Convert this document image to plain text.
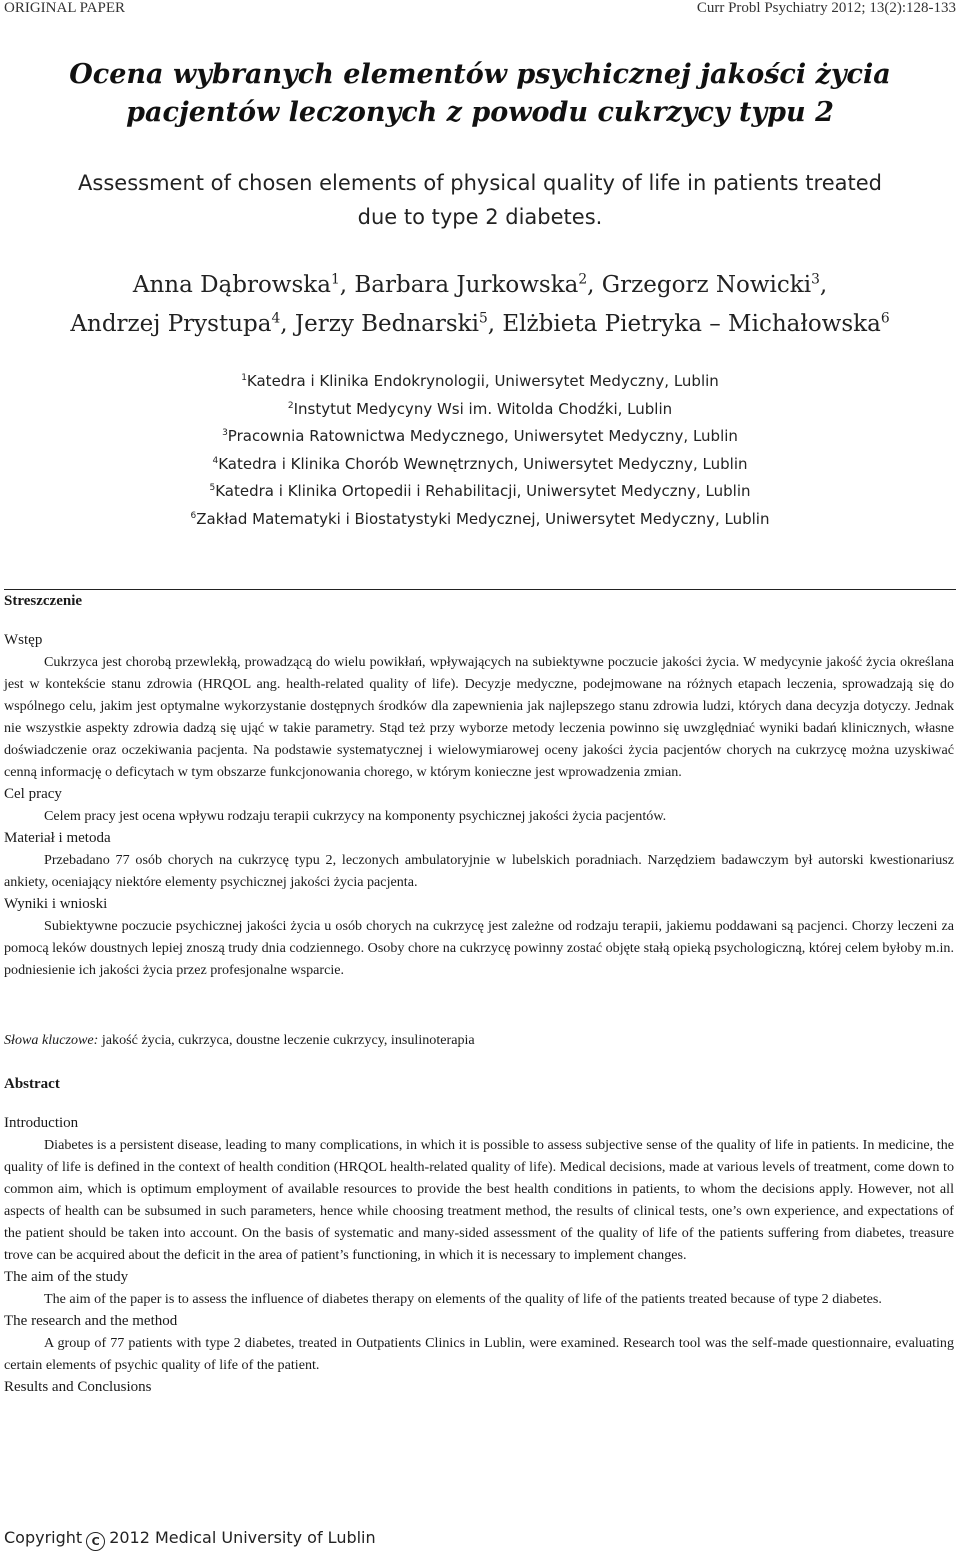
ORIGINAL PAPER	Curr Probl Psychiatry 2012; 13(2):128-133
Ocena wybranych elementów psychicznej jakości życia
pacjentów leczonych z powodu cukrzycy typu 2
Assessment of chosen elements of physical quality of life in patients treated
due to type 2 diabetes.
Anna Dąbrowska$^1$, Barbara Jurkowska$^2$, Grzegorz Nowicki$^3$,
Andrzej Prystupa$^4$, Jerzy Bednarski$^5$, Elżbieta Pietryka – Michałowska$^6$
$^1$Katedra i Klinika Endokrynologii, Uniwersytet Medyczny, Lublin
$^2$Instytut Medycyny Wsi im. Witolda Chodźki, Lublin
$^3$Pracownia Ratownictwa Medycznego, Uniwersytet Medyczny, Lublin
$^4$Katedra i Klinika Chorób Wewnętrznych, Uniwersytet Medyczny, Lublin
$^5$Katedra i Klinika Ortopedii i Rehabilitacji, Uniwersytet Medyczny, Lublin
$^6$Zakład Matematyki i Biostatystyki Medycznej, Uniwersytet Medyczny, Lublin
Streszczenie
Wstęp

Cukrzyca jest chorobą przewlekłą, prowadzącą do wielu powikłań, wpływających na subiektywne poczucie jakości życia. W medycynie jakość życia określana jest w kontekście stanu zdrowia (HRQOL ang. health-related quality of life). Decyzje medyczne, podejmowane na różnych etapach leczenia, sprowadzają się do wspólnego celu, jakim jest optymalne wykorzystanie dostępnych środków dla zapewnienia jak najlepszego stanu zdrowia ludzi, których dana decyzja dotyczy. Jednak nie wszystkie aspekty zdrowia dadzą się ująć w takie parametry. Stąd też przy wyborze metody leczenia powinno się uwzględniać wyniki badań klinicznych, własne doświadczenie oraz oczekiwania pacjenta. Na podstawie systematycznej i wielowymiarowej oceny jakości życia pacjentów chorych na cukrzycę można uzyskiwać cenną informację o deficytach w tym obszarze funkcjonowania chorego, w którym konieczne jest wprowadzenia zmian.

Cel pracy

Celem pracy jest ocena wpływu rodzaju terapii cukrzycy na komponenty psychicznej jakości życia pacjentów.

Materiał i metoda

Przebadano 77 osób chorych na cukrzycę typu 2, leczonych ambulatoryjnie w lubelskich poradniach. Narzędziem badawczym był autorski kwestionariusz ankiety, oceniający niektóre elementy psychicznej jakości życia pacjenta.

Wyniki i wnioski

Subiektywne poczucie psychicznej jakości życia u osób chorych na cukrzycę jest zależne od rodzaju terapii, jakiemu poddawani są pacjenci. Chorzy leczeni za pomocą leków doustnych lepiej znoszą trudy dnia codziennego. Osoby chore na cukrzycę powinny zostać objęte stałą opieką psychologiczną, której celem byłoby m.in. podniesienie ich jakości życia przez profesjonalne wsparcie.

Słowa kluczowe: jakość życia, cukrzyca, doustne leczenie cukrzycy, insulinoterapia
Abstract
Introduction

Diabetes is a persistent disease, leading to many complications, in which it is possible to assess subjective sense of the quality of life in patients. In medicine, the quality of life is defined in the context of health condition (HRQOL health-related quality of life). Medical decisions, made at various levels of treatment, come down to common aim, which is optimum employment of available resources to provide the best health conditions in patients, to whom the decisions apply. However, not all aspects of health can be subsumed in such parameters, hence while choosing treatment method, the results of clinical tests, one’s own experience, and expectations of the patient should be taken into account. On the basis of systematic and many-sided assessment of the quality of life of the patients suffering from diabetes, treasure trove can be acquired about the deficit in the area of patient’s functioning, in which it is necessary to implement changes.

The aim of the study

The aim of the paper is to assess the influence of diabetes therapy on elements of the quality of life of the patients treated because of type 2 diabetes.

The research and the method

A group of 77 patients with type 2 diabetes, treated in Outpatients Clinics in Lublin, were examined. Research tool was the self-made questionnaire, evaluating certain elements of psychic quality of life of the patient.

Results and Conclusions
Copyright C 2012 Medical University of Lublin
